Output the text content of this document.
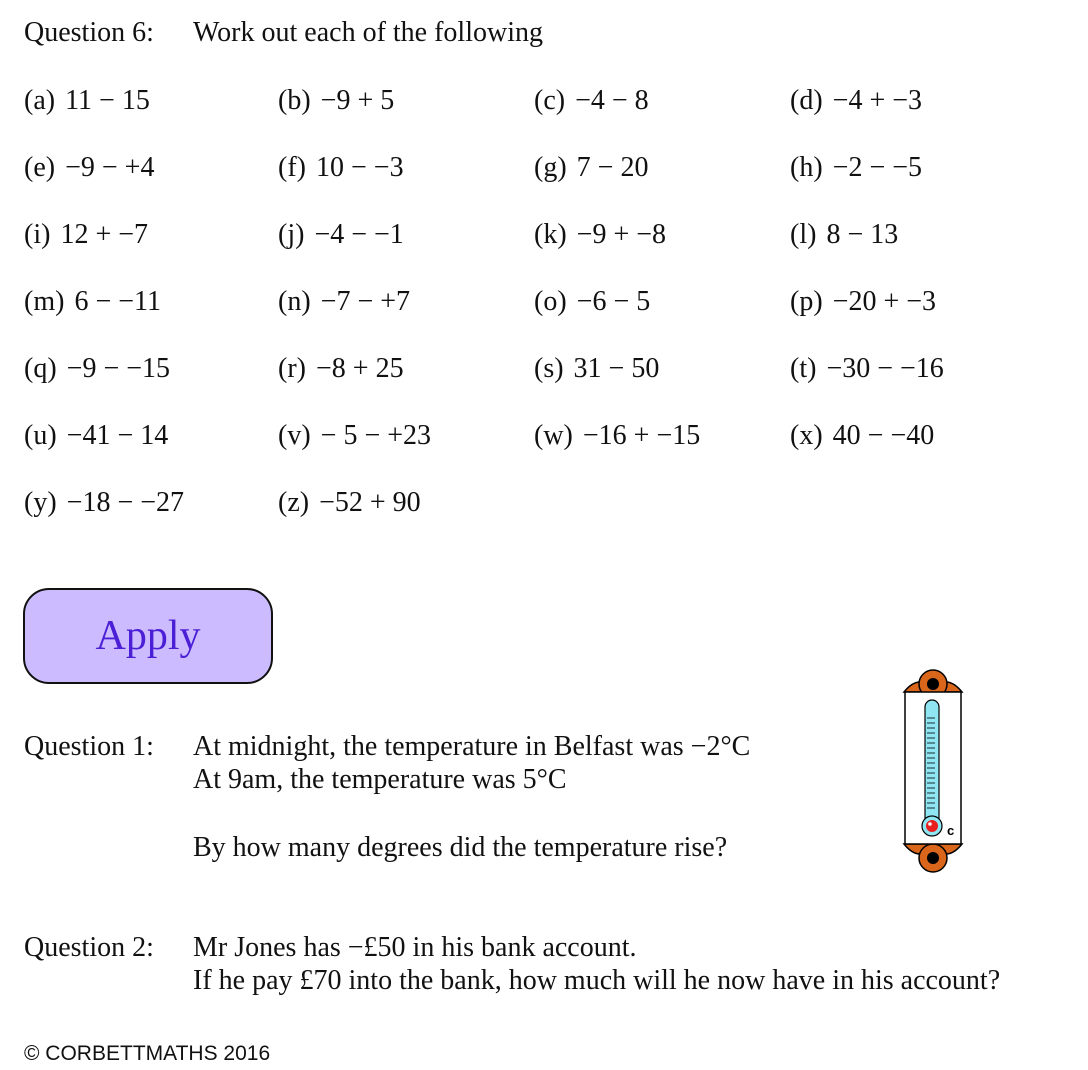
Question 6: Work out each of the following
(a) 11 − 15	(b) −9 + 5	(c) −4 − 8	(d) −4 + −3
(e) −9 − +4	(f) 10 − −3	(g) 7 − 20	(h) −2 − −5
(i) 12 + −7	(j) −4 − −1	(k) −9 + −8	(l) 8 − 13
(m) 6 − −11	(n) −7 − +7	(o) −6 − 5	(p) −20 + −3
(q) −9 − −15	(r) −8 + 25	(s) 31 − 50	(t) −30 − −16
(u) −41 − 14	(v) − 5 − +23	(w) −16 + −15	(x) 40 − −40
(y) −18 − −27	(z) −52 + 90
Apply
Question 1: At midnight, the temperature in Belfast was −2°C
At 9am, the temperature was 5°C
By how many degrees did the temperature rise?
c
Question 2: Mr Jones has −£50 in his bank account.
If he pay £70 into the bank, how much will he now have in his account?
© CORBETTMATHS 2016
